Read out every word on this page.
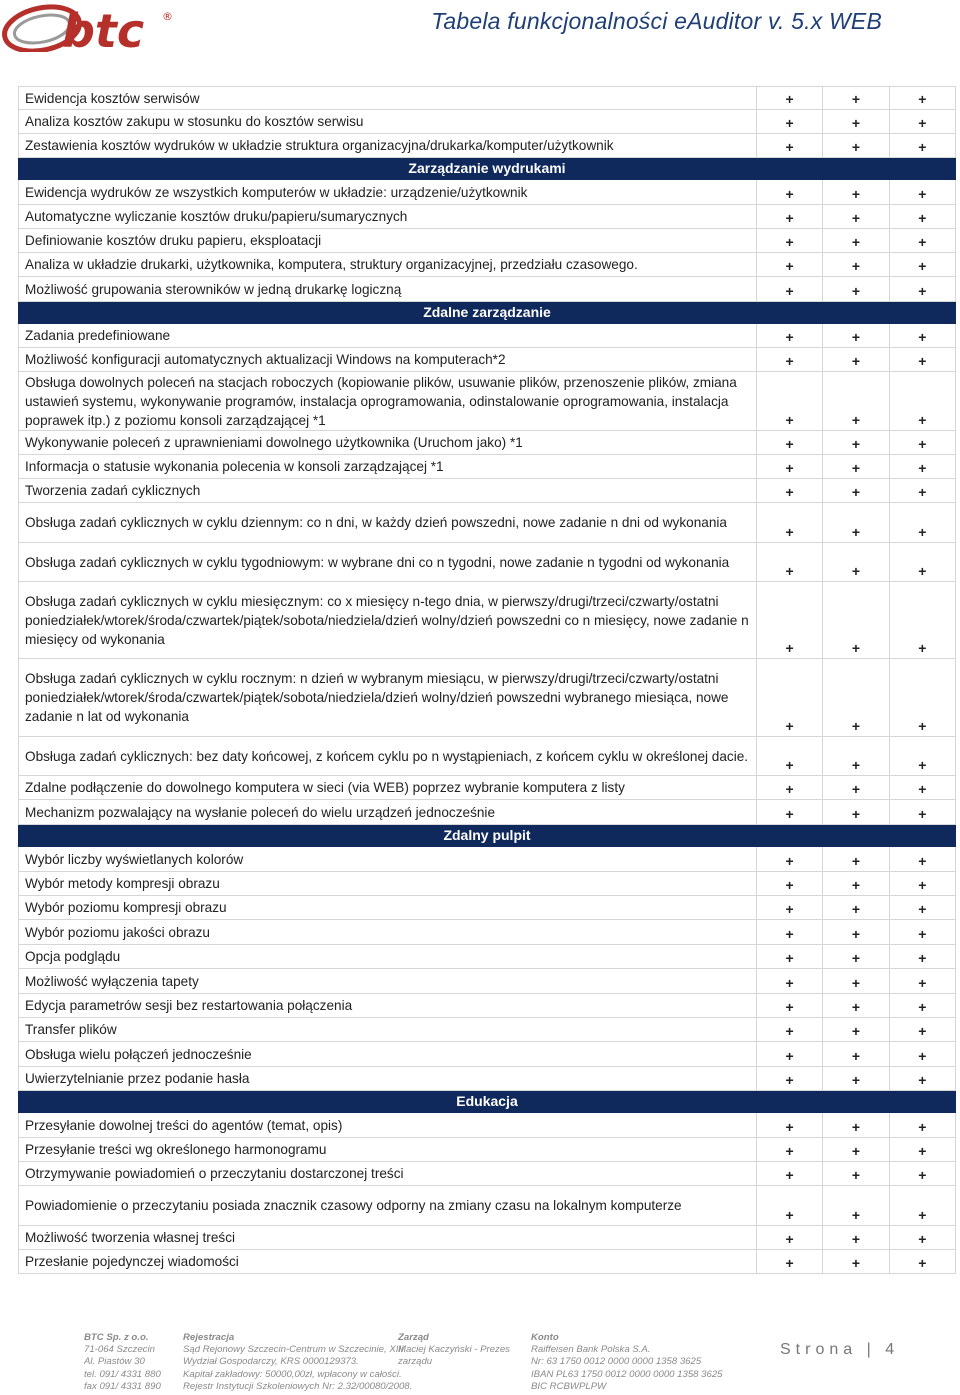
btc ®	Tabela funkcjonalności eAuditor v. 5.x WEB
Ewidencja kosztów serwisów	+	+	+
Analiza kosztów zakupu w stosunku do kosztów serwisu	+	+	+
Zestawienia kosztów wydruków w układzie struktura organizacyjna/drukarka/komputer/użytkownik	+	+	+
Zarządzanie wydrukami			
Ewidencja wydruków ze wszystkich komputerów w układzie: urządzenie/użytkownik	+	+	+
Automatyczne wyliczanie kosztów druku/papieru/sumarycznych	+	+	+
Definiowanie kosztów druku papieru, eksploatacji	+	+	+
Analiza w układzie drukarki, użytkownika, komputera, struktury organizacyjnej, przedziału czasowego.	+	+	+
Możliwość grupowania sterowników w jedną drukarkę logiczną	+	+	+
Zdalne zarządzanie			
Zadania predefiniowane	+	+	+
Możliwość konfiguracji automatycznych aktualizacji Windows na komputerach*2	+	+	+
Obsługa dowolnych poleceń na stacjach roboczych (kopiowanie plików, usuwanie plików, przenoszenie plików, zmiana ustawień systemu, wykonywanie programów, instalacja oprogramowania, odinstalowanie oprogramowania, instalacja poprawek itp.) z poziomu konsoli zarządzającej *1	+	+	+
Wykonywanie poleceń z uprawnieniami dowolnego użytkownika (Uruchom jako) *1	+	+	+
Informacja o statusie wykonania polecenia w konsoli zarządzającej *1	+	+	+
Tworzenia zadań cyklicznych	+	+	+
Obsługa zadań cyklicznych w cyklu dziennym: co n dni, w każdy dzień powszedni, nowe zadanie n dni od wykonania	+	+	+
Obsługa zadań cyklicznych w cyklu tygodniowym: w wybrane dni co n tygodni, nowe zadanie n tygodni od wykonania	+	+	+
Obsługa zadań cyklicznych w cyklu miesięcznym: co x miesięcy n-tego dnia, w pierwszy/drugi/trzeci/czwarty/ostatni poniedziałek/wtorek/środa/czwartek/piątek/sobota/niedziela/dzień wolny/dzień powszedni co n miesięcy, nowe zadanie n miesięcy od wykonania	+	+	+
Obsługa zadań cyklicznych w cyklu rocznym: n dzień w wybranym miesiącu, w pierwszy/drugi/trzeci/czwarty/ostatni poniedziałek/wtorek/środa/czwartek/piątek/sobota/niedziela/dzień wolny/dzień powszedni wybranego miesiąca, nowe zadanie n lat od wykonania	+	+	+
Obsługa zadań cyklicznych: bez daty końcowej, z końcem cyklu po n wystąpieniach, z końcem cyklu w określonej dacie.	+	+	+
Zdalne podłączenie do dowolnego komputera w sieci (via WEB) poprzez wybranie komputera z listy	+	+	+
Mechanizm pozwalający na wysłanie poleceń do wielu urządzeń jednocześnie	+	+	+
Zdalny pulpit			
Wybór liczby wyświetlanych kolorów	+	+	+
Wybór metody kompresji obrazu	+	+	+
Wybór poziomu kompresji obrazu	+	+	+
Wybór poziomu jakości obrazu	+	+	+
Opcja podglądu	+	+	+
Możliwość wyłączenia tapety	+	+	+
Edycja parametrów sesji bez restartowania połączenia	+	+	+
Transfer plików	+	+	+
Obsługa wielu połączeń jednocześnie	+	+	+
Uwierzytelnianie przez podanie hasła	+	+	+
Edukacja			
Przesyłanie dowolnej treści do agentów (temat, opis)	+	+	+
Przesyłanie treści wg określonego harmonogramu	+	+	+
Otrzymywanie powiadomień o przeczytaniu dostarczonej treści	+	+	+
Powiadomienie o przeczytaniu posiada znacznik czasowy odporny na zmiany czasu na lokalnym komputerze	+	+	+
Możliwość tworzenia własnej treści	+	+	+
Przesłanie pojedynczej wiadomości	+	+	+
BTC Sp. z o.o.
71-064 Szczecin
Al. Piastów 30
tel. 091/ 4331 880
fax 091/ 4331 890
Rejestracja
Sąd Rejonowy Szczecin-Centrum w Szczecinie, XIII
Wydział Gospodarczy, KRS 0000129373.
Kapitał zakładowy: 50000,00zł, wpłacony w całości.
Rejestr Instytucji Szkoleniowych Nr: 2.32/00080/2008.
Zarząd
Maciej Kaczyński - Prezes
zarządu
Konto
Raiffeisen Bank Polska S.A.
Nr: 63 1750 0012 0000 0000 1358 3625
IBAN PL63 1750 0012 0000 0000 1358 3625
BIC RCBWPLPW
Strona | 4
